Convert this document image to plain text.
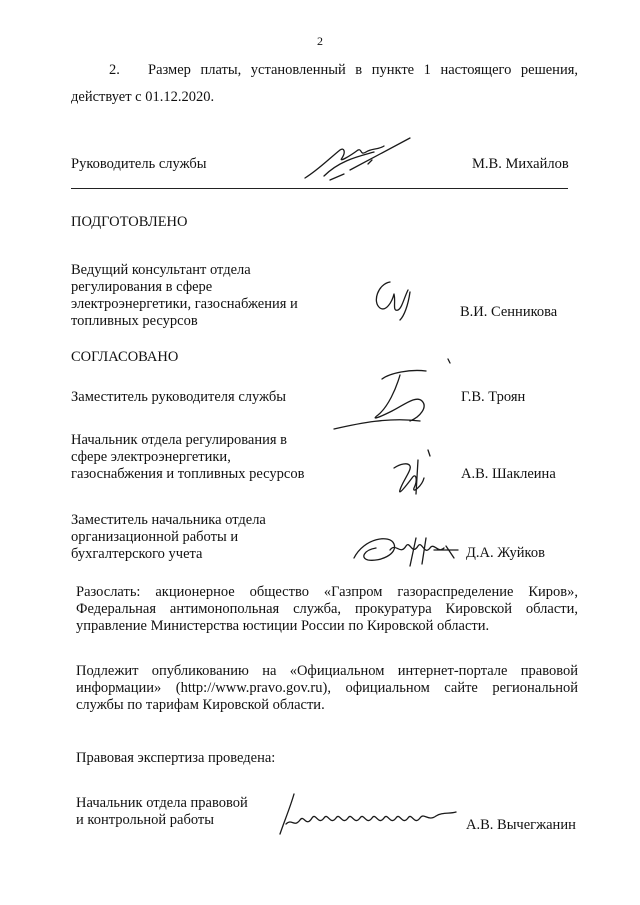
2
2. Размер платы, установленный в пункте 1 настоящего решения,
действует с 01.12.2020.
Руководитель службы	М.В. Михайлов
ПОДГОТОВЛЕНО
Ведущий консультант отдела
регулирования в сфере
электроэнергетики, газоснабжения и
топливных ресурсов
В.И. Сенникова
СОГЛАСОВАНО
Заместитель руководителя службы	Г.В. Троян
Начальник отдела регулирования в
сфере электроэнергетики,
газоснабжения и топливных ресурсов	А.В. Шаклеина
Заместитель начальника отдела
организационной работы и
бухгалтерского учета	Д.А. Жуйков
Разослать: акционерное общество «Газпром газораспределение Киров»,
Федеральная антимонопольная служба, прокуратура Кировской области,
управление Министерства юстиции России по Кировской области.
Подлежит опубликованию на «Официальном интернет-портале правовой
информации» (http://www.pravo.gov.ru), официальном сайте региональной
службы по тарифам Кировской области.
Правовая экспертиза проведена:
Начальник отдела правовой
и контрольной работы	А.В. Вычегжанин
